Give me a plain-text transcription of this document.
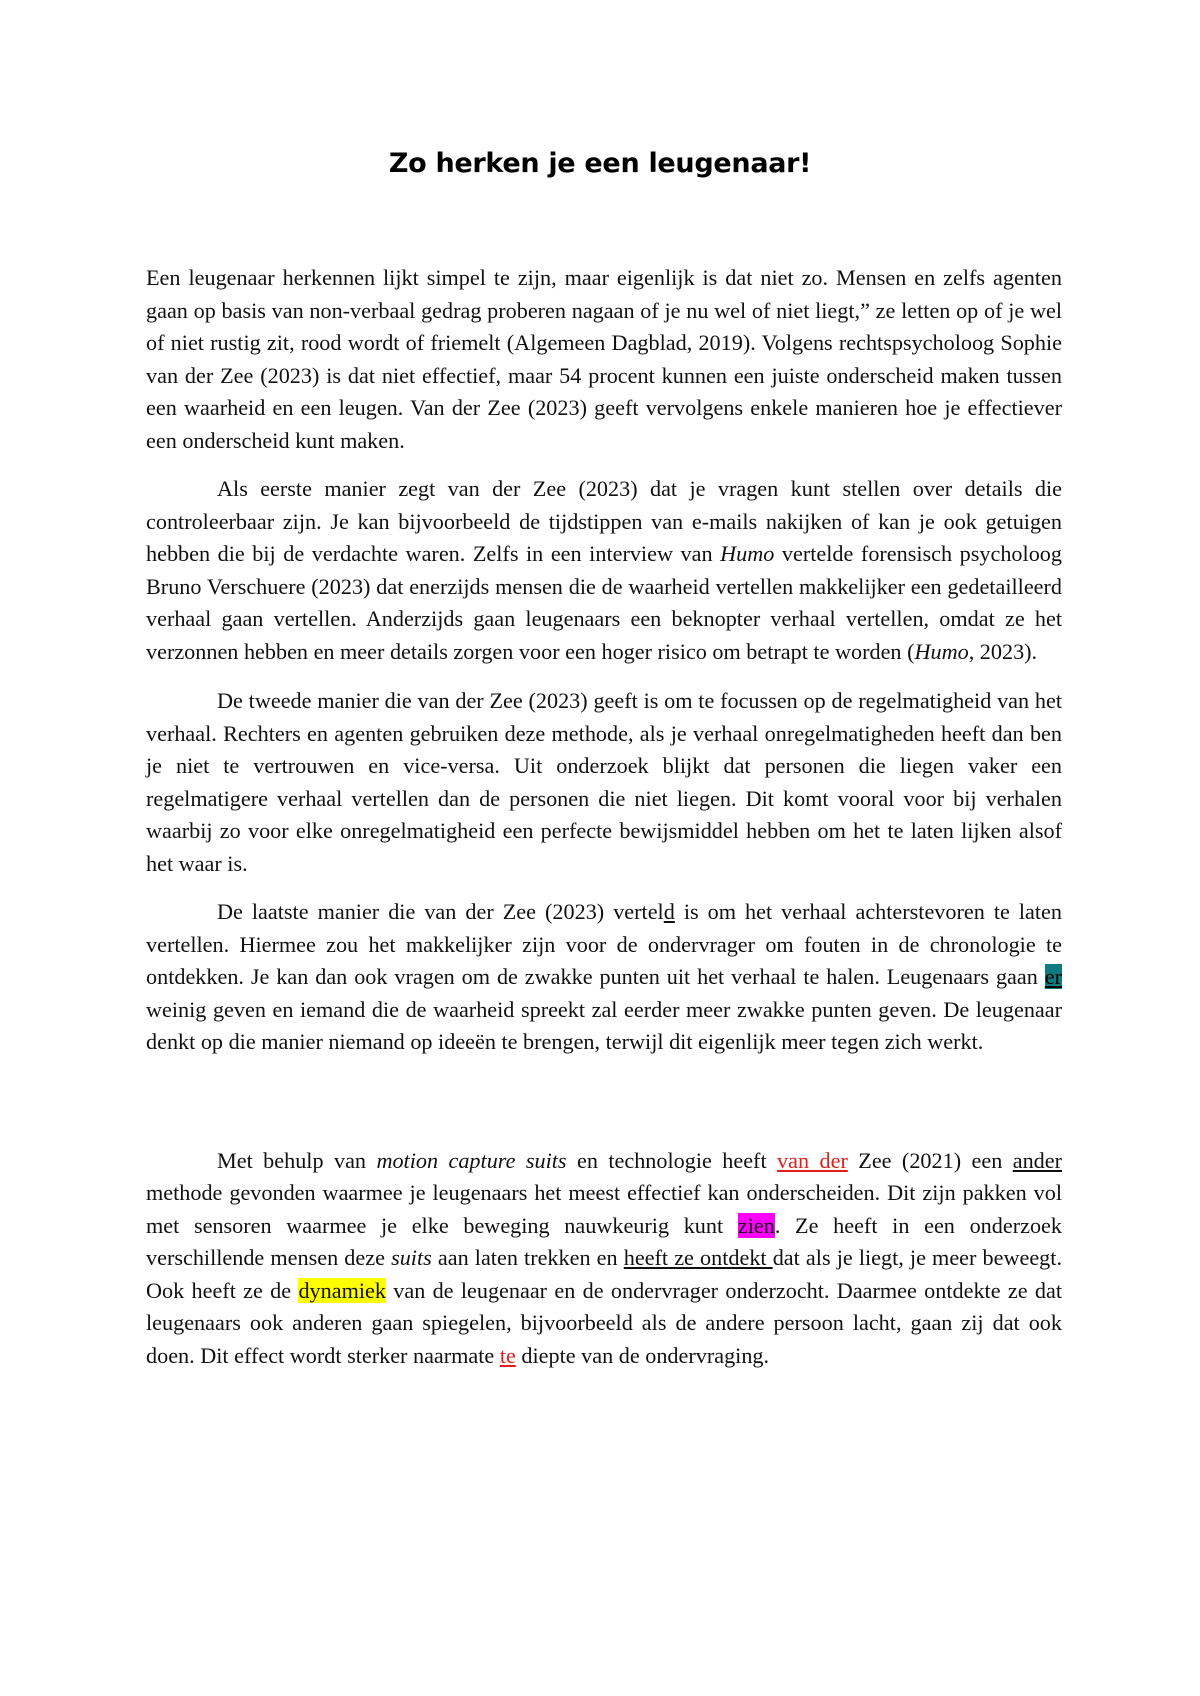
Zo herken je een leugenaar!

Een leugenaar herkennen lijkt simpel te zijn, maar eigenlijk is dat niet zo. Mensen en zelfs agenten gaan op basis van non-verbaal gedrag proberen nagaan of je nu wel of niet liegt,” ze letten op of je wel of niet rustig zit, rood wordt of friemelt (Algemeen Dagblad, 2019). Volgens rechtspsycholoog Sophie van der Zee (2023) is dat niet effectief, maar 54 procent kunnen een juiste onderscheid maken tussen een waarheid en een leugen. Van der Zee (2023) geeft vervolgens enkele manieren hoe je effectiever een onderscheid kunt maken.

Als eerste manier zegt van der Zee (2023) dat je vragen kunt stellen over details die controleerbaar zijn. Je kan bijvoorbeeld de tijdstippen van e-mails nakijken of kan je ook getuigen hebben die bij de verdachte waren. Zelfs in een interview van Humo vertelde forensisch psycholoog Bruno Verschuere (2023) dat enerzijds mensen die de waarheid vertellen makkelijker een gedetailleerd verhaal gaan vertellen. Anderzijds gaan leugenaars een beknopter verhaal vertellen, omdat ze het verzonnen hebben en meer details zorgen voor een hoger risico om betrapt te worden (Humo, 2023).

De tweede manier die van der Zee (2023) geeft is om te focussen op de regelmatigheid van het verhaal. Rechters en agenten gebruiken deze methode, als je verhaal onregelmatigheden heeft dan ben je niet te vertrouwen en vice-versa. Uit onderzoek blijkt dat personen die liegen vaker een regelmatigere verhaal vertellen dan de personen die niet liegen. Dit komt vooral voor bij verhalen waarbij zo voor elke onregelmatigheid een perfecte bewijsmiddel hebben om het te laten lijken alsof het waar is.

De laatste manier die van der Zee (2023) verteld is om het verhaal achterstevoren te laten vertellen. Hiermee zou het makkelijker zijn voor de ondervrager om fouten in de chronologie te ontdekken. Je kan dan ook vragen om de zwakke punten uit het verhaal te halen. Leugenaars gaan er weinig geven en iemand die de waarheid spreekt zal eerder meer zwakke punten geven. De leugenaar denkt op die manier niemand op ideeën te brengen, terwijl dit eigenlijk meer tegen zich werkt.

Met behulp van motion capture suits en technologie heeft van der Zee (2021) een ander methode gevonden waarmee je leugenaars het meest effectief kan onderscheiden. Dit zijn pakken vol met sensoren waarmee je elke beweging nauwkeurig kunt zien. Ze heeft in een onderzoek verschillende mensen deze suits aan laten trekken en heeft ze ontdekt dat als je liegt, je meer beweegt. Ook heeft ze de dynamiek van de leugenaar en de ondervrager onderzocht. Daarmee ontdekte ze dat leugenaars ook anderen gaan spiegelen, bijvoorbeeld als de andere persoon lacht, gaan zij dat ook doen. Dit effect wordt sterker naarmate te diepte van de ondervraging.
